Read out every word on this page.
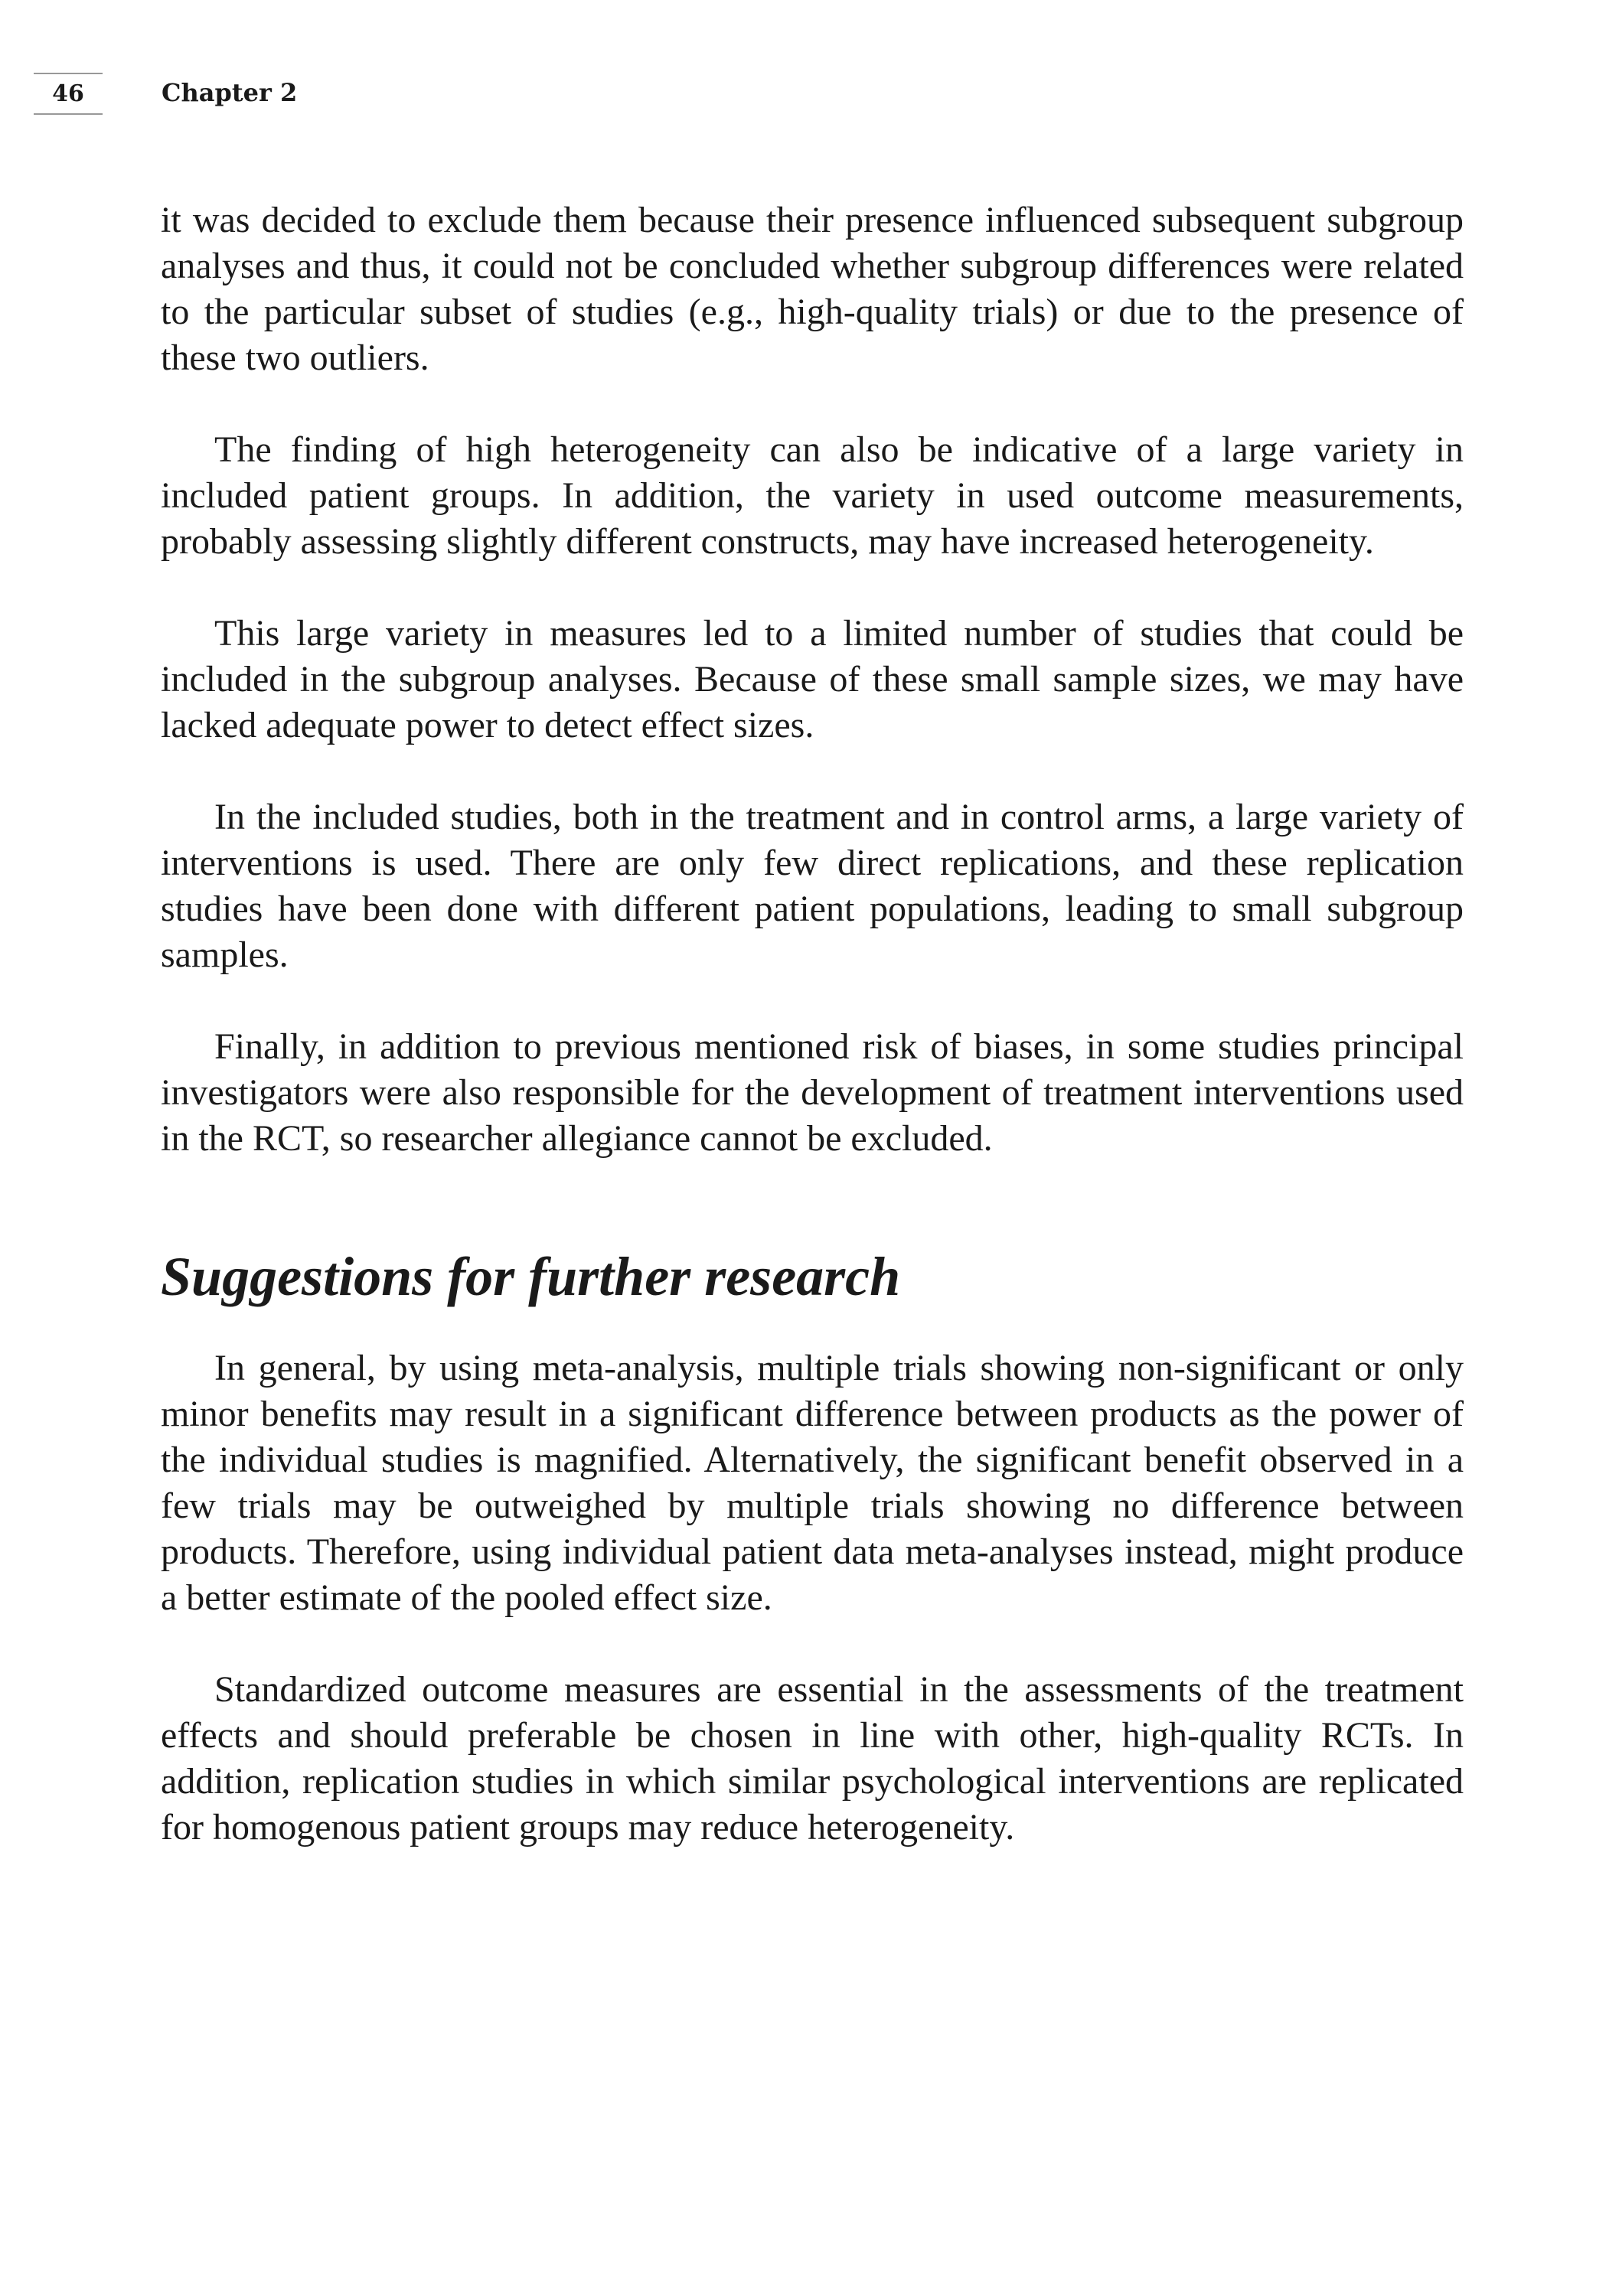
46	Chapter 2

it was decided to exclude them because their presence influenced subsequent subgroup analyses and thus, it could not be concluded whether subgroup differences were related to the particular subset of studies (e.g., high-quality trials) or due to the presence of these two outliers.

The finding of high heterogeneity can also be indicative of a large variety in included patient groups. In addition, the variety in used outcome measurements, probably assessing slightly different constructs, may have increased heterogeneity.

This large variety in measures led to a limited number of studies that could be included in the subgroup analyses. Because of these small sample sizes, we may have lacked adequate power to detect effect sizes.

In the included studies, both in the treatment and in control arms, a large variety of interventions is used. There are only few direct replications, and these replication studies have been done with different patient populations, leading to small subgroup samples.

Finally, in addition to previous mentioned risk of biases, in some studies principal investigators were also responsible for the development of treatment interventions used in the RCT, so researcher allegiance cannot be excluded.

Suggestions for further research

In general, by using meta-analysis, multiple trials showing non-significant or only minor benefits may result in a significant difference between products as the power of the individual studies is magnified. Alternatively, the significant benefit observed in a few trials may be outweighed by multiple trials showing no difference between products. Therefore, using individual patient data meta-analyses instead, might produce a better estimate of the pooled effect size.

Standardized outcome measures are essential in the assessments of the treatment effects and should preferable be chosen in line with other, high-quality RCTs. In addition, replication studies in which similar psychological interventions are replicated for homogenous patient groups may reduce heterogeneity.
